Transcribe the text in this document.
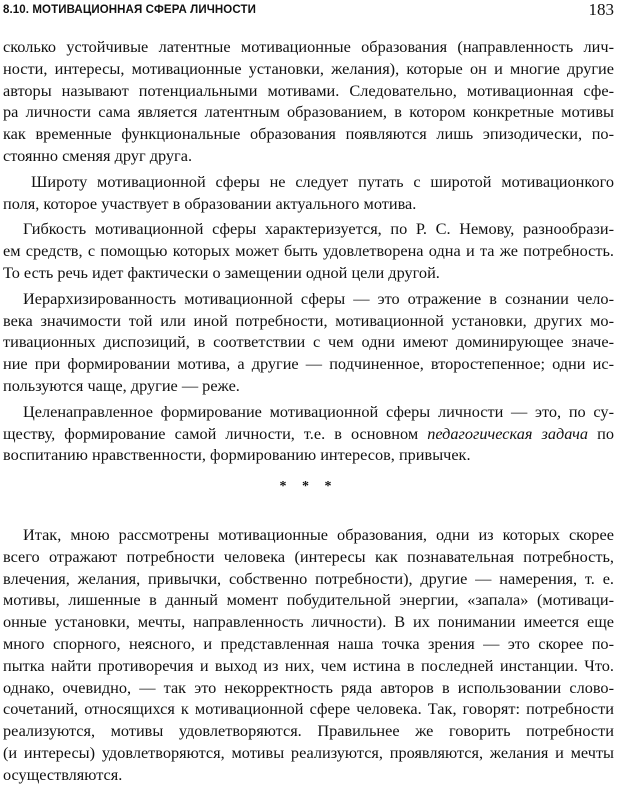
8.10. МОТИВАЦИОННАЯ СФЕРА ЛИЧНОСТИ	183
сколько устойчивые латентные мотивационные образования (направленность лич-
ности, интересы, мотивационные установки, желания), которые он и многие другие
авторы называют потенциальными мотивами. Следовательно, мотивационная сфе-
ра личности сама является латентным образованием, в котором конкретные мотивы
как временные функциональные образования появляются лишь эпизодически, по-
стоянно сменяя друг друга.
Широту мотивационной сферы не следует путать с широтой мотивационкого
поля, которое участвует в образовании актуального мотива.
Гибкость мотивационной сферы характеризуется, по Р. С. Немову, разнообрази-
ем средств, с помощью которых может быть удовлетворена одна и та же потребность.
То есть речь идет фактически о замещении одной цели другой.
Иерархизированность мотивационной сферы — это отражение в сознании чело-
века значимости той или иной потребности, мотивационной установки, других мо-
тивационных диспозиций, в соответствии с чем одни имеют доминирующее значе-
ние при формировании мотива, а другие — подчиненное, второстепенное; одни ис-
пользуются чаще, другие — реже.
Целенаправленное формирование мотивационной сферы личности — это, по су-
ществу, формирование самой личности, т.е. в основном педагогическая задача по
воспитанию нравственности, формированию интересов, привычек.
* * *
Итак, мною рассмотрены мотивационные образования, одни из которых скорее
всего отражают потребности человека (интересы как познавательная потребность,
влечения, желания, привычки, собственно потребности), другие — намерения, т. е.
мотивы, лишенные в данный момент побудительной энергии, «запала» (мотиваци-
онные установки, мечты, направленность личности). В их понимании имеется еще
много спорного, неясного, и представленная наша точка зрения — это скорее по-
пытка найти противоречия и выход из них, чем истина в последней инстанции. Что.
однако, очевидно, — так это некорректность ряда авторов в использовании слово-
сочетаний, относящихся к мотивационной сфере человека. Так, говорят: потребности
реализуются, мотивы удовлетворяются. Правильнее же говорить потребности
(и интересы) удовлетворяются, мотивы реализуются, проявляются, желания и мечты
осуществляются.
